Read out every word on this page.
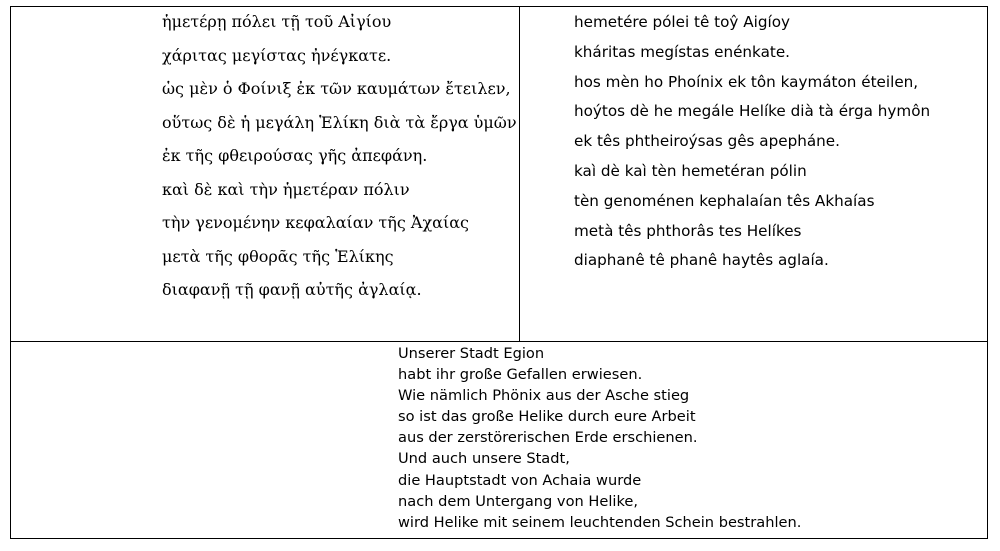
ἡμετέρῃ πόλει τῇ τοῦ Αἰγίου
χάριτας μεγίστας ἠνέγκατε.
ὡς μὲν ὁ Φοίνιξ ἐκ τῶν καυμάτων ἔτειλεν,
οὕτως δὲ ἡ μεγάλη Ἑλίκη διὰ τὰ ἔργα ὑμῶν
ἐκ τῆς φθειρούσας γῆς ἀπεφάνη.
καὶ δὲ καὶ τὴν ἡμετέραν πόλιν
τὴν γενομένην κεφαλαίαν τῆς Ἀχαίας
μετὰ τῆς φθορᾶς τῆς Ἑλίκης
διαφανῇ τῇ φανῇ αὐτῆς ἀγλαίᾳ.
hemetére pólei tê toŷ Aigíoy
kháritas megístas enénkate.
hos mèn ho Phoínix ek tôn kaymáton éteilen,
hoýtos dè he megále Helíke dià tà érga hymôn
ek tês phtheiroýsas gês apepháne.
kaì dè kaì tèn hemetéran pólin
tèn genoménen kephalaían tês Akhaías
metà tês phthorâs tes Helíkes
diaphanê tê phanê haytês aglaía.
Unserer Stadt Egion
habt ihr große Gefallen erwiesen.
Wie nämlich Phönix aus der Asche stieg
so ist das große Helike durch eure Arbeit
aus der zerstörerischen Erde erschienen.
Und auch unsere Stadt,
die Hauptstadt von Achaia wurde
nach dem Untergang von Helike,
wird Helike mit seinem leuchtenden Schein bestrahlen.
